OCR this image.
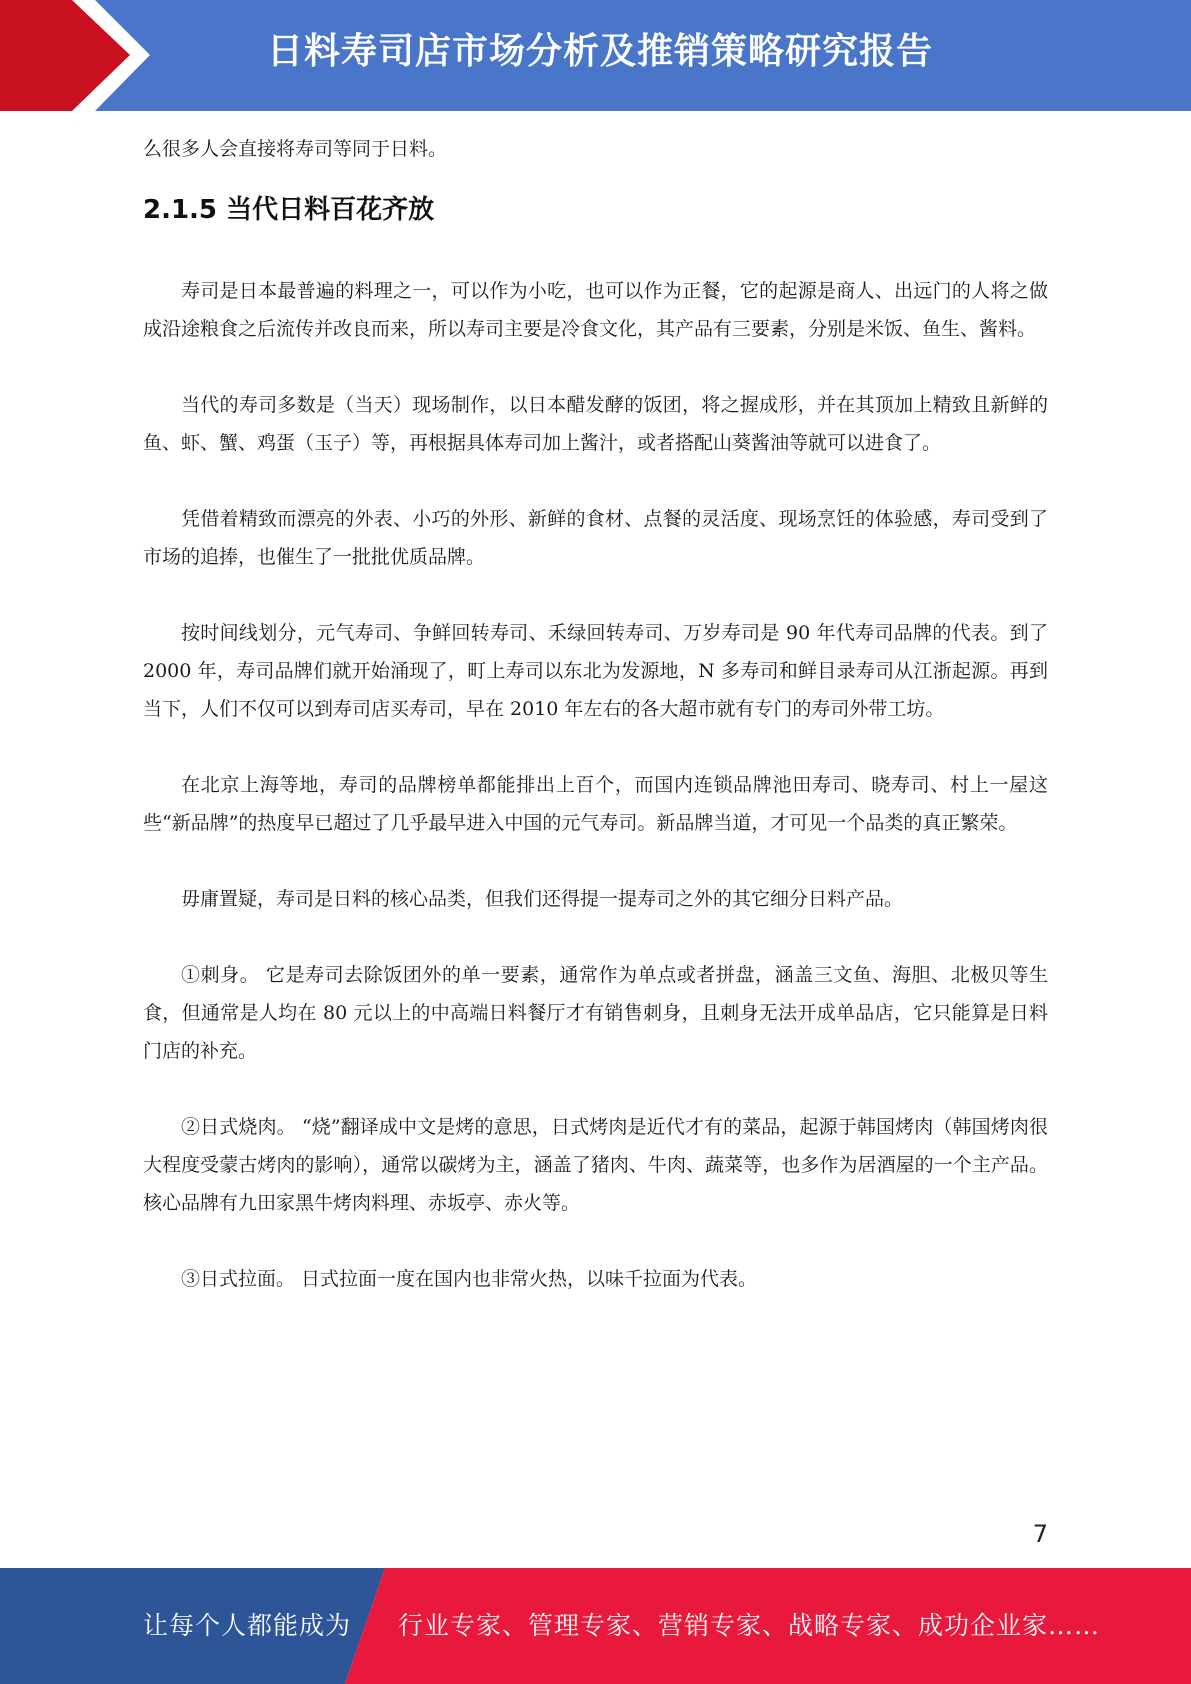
日料寿司店市场分析及推销策略研究报告

么很多人会直接将寿司等同于日料。

2.1.5 当代日料百花齐放

寿司是日本最普遍的料理之一，可以作为小吃，也可以作为正餐，它的起源是商人、出远门的人将之做成沿途粮食之后流传并改良而来，所以寿司主要是冷食文化，其产品有三要素，分别是米饭、鱼生、酱料。

当代的寿司多数是（当天）现场制作，以日本醋发酵的饭团，将之握成形，并在其顶加上精致且新鲜的鱼、虾、蟹、鸡蛋（玉子）等，再根据具体寿司加上酱汁，或者搭配山葵酱油等就可以进食了。

凭借着精致而漂亮的外表、小巧的外形、新鲜的食材、点餐的灵活度、现场烹饪的体验感，寿司受到了市场的追捧，也催生了一批批优质品牌。

按时间线划分，元气寿司、争鲜回转寿司、禾绿回转寿司、万岁寿司是 90 年代寿司品牌的代表。到了 2000 年，寿司品牌们就开始涌现了，町上寿司以东北为发源地，N 多寿司和鲜目录寿司从江浙起源。再到当下，人们不仅可以到寿司店买寿司，早在 2010 年左右的各大超市就有专门的寿司外带工坊。

在北京上海等地，寿司的品牌榜单都能排出上百个，而国内连锁品牌池田寿司、晓寿司、村上一屋这些“新品牌”的热度早已超过了几乎最早进入中国的元气寿司。新品牌当道，才可见一个品类的真正繁荣。

毋庸置疑，寿司是日料的核心品类，但我们还得提一提寿司之外的其它细分日料产品。

①刺身。 它是寿司去除饭团外的单一要素，通常作为单点或者拼盘，涵盖三文鱼、海胆、北极贝等生食，但通常是人均在 80 元以上的中高端日料餐厅才有销售刺身，且刺身无法开成单品店，它只能算是日料门店的补充。

②日式烧肉。 “烧”翻译成中文是烤的意思，日式烤肉是近代才有的菜品，起源于韩国烤肉（韩国烤肉很大程度受蒙古烤肉的影响），通常以碳烤为主，涵盖了猪肉、牛肉、蔬菜等，也多作为居酒屋的一个主产品。核心品牌有九田家黑牛烤肉料理、赤坂亭、赤火等。

③日式拉面。 日式拉面一度在国内也非常火热，以味千拉面为代表。

7
让每个人都能成为 行业专家、管理专家、营销专家、战略专家、成功企业家……
